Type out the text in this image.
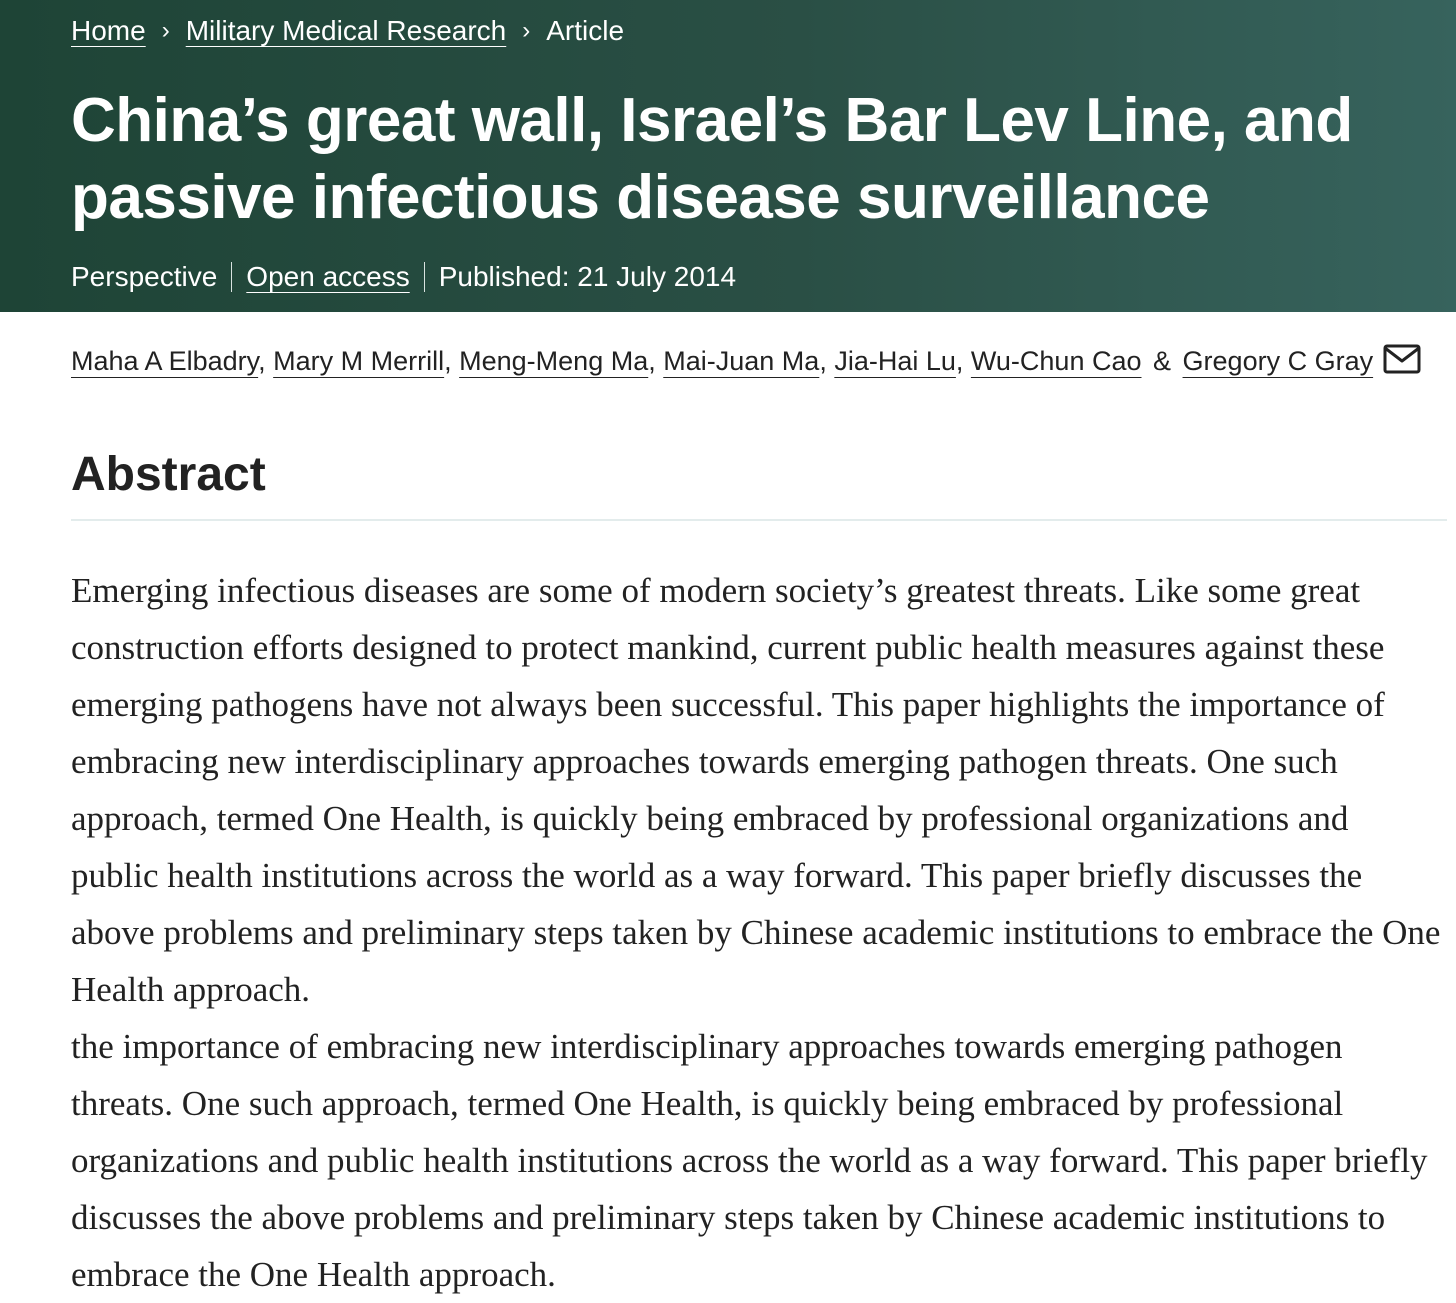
Home › Military Medical Research › Article
China’s great wall, Israel’s Bar Lev Line, and passive infectious disease surveillance
Perspective Open access Published: 21 July 2014
Maha A Elbadry, Mary M Merrill, Meng-Meng Ma, Mai-Juan Ma, Jia-Hai Lu, Wu-Chun Cao & Gregory C Gray
Abstract

Emerging infectious diseases are some of modern society’s greatest threats. Like some great construction efforts designed to protect mankind, current public health measures against these emerging pathogens have not always been successful. This paper highlights the importance of embracing new interdisciplinary approaches towards emerging pathogen threats. One such approach, termed One Health, is quickly being embraced by professional organizations and public health institutions across the world as a way forward. This paper briefly discusses the above problems and preliminary steps taken by Chinese academic institutions to embrace the One Health approach.

the importance of embracing new interdisciplinary approaches towards emerging pathogen threats. One such approach, termed One Health, is quickly being embraced by professional organizations and public health institutions across the world as a way forward. This paper briefly discusses the above problems and preliminary steps taken by Chinese academic institutions to embrace the One Health approach.
